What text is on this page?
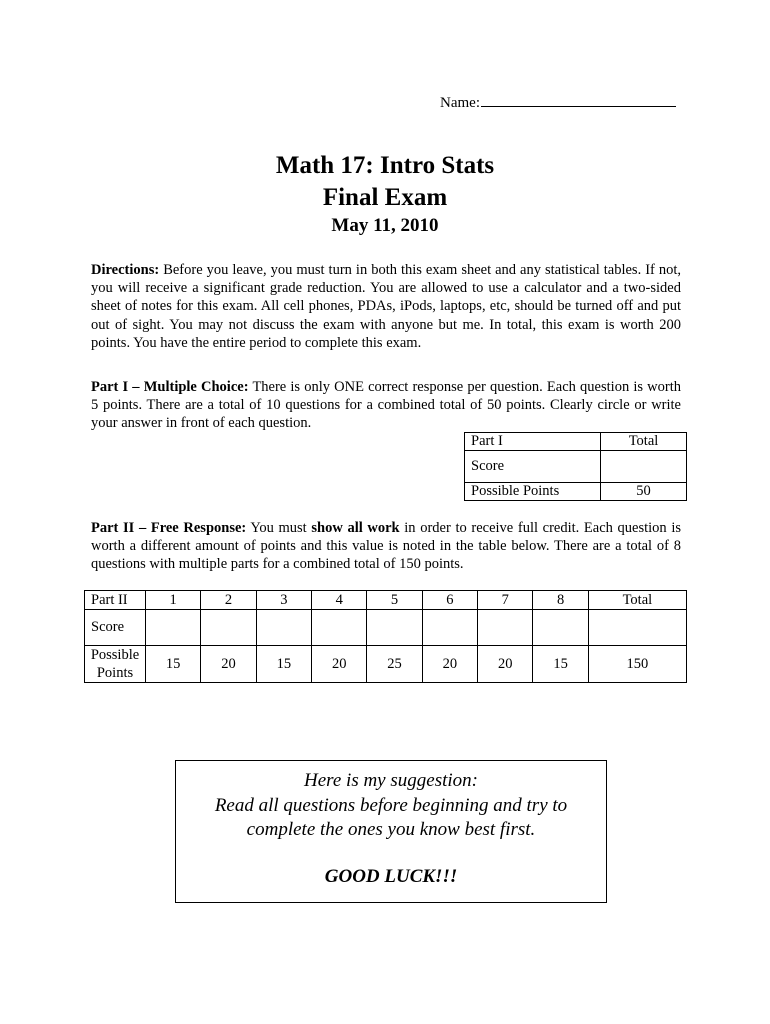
Name:
Math 17: Intro Stats
Final Exam
May 11, 2010
Directions: Before you leave, you must turn in both this exam sheet and any statistical tables. If not, you will receive a significant grade reduction. You are allowed to use a calculator and a two-sided sheet of notes for this exam. All cell phones, PDAs, iPods, laptops, etc, should be turned off and put out of sight. You may not discuss the exam with anyone but me. In total, this exam is worth 200 points. You have the entire period to complete this exam.
Part I – Multiple Choice: There is only ONE correct response per question. Each question is worth 5 points. There are a total of 10 questions for a combined total of 50 points. Clearly circle or write your answer in front of each question.
Part I	Total
Score	
Possible Points	50
Part II – Free Response: You must show all work in order to receive full credit. Each question is worth a different amount of points and this value is noted in the table below. There are a total of 8 questions with multiple parts for a combined total of 150 points.
Part II	1	2	3	4	5	6	7	8	Total
Score									
Possible
Points	15	20	15	20	25	20	20	15	150
Here is my suggestion:
Read all questions before beginning and try to
complete the ones you know best first.
GOOD LUCK!!!
